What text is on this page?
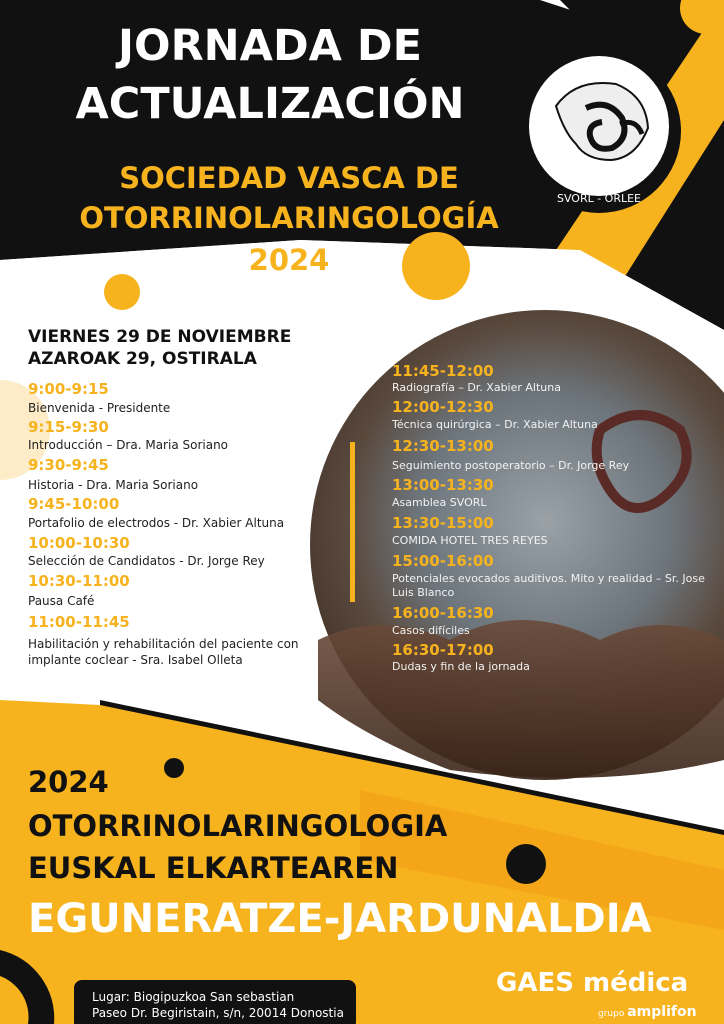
SVORL - ORLEE
JORNADA DE
ACTUALIZACIÓN
SOCIEDAD VASCA DE
OTORRINOLARINGOLOGÍA
2024
VIERNES 29 DE NOVIEMBRE
AZAROAK 29, OSTIRALA
9:00-9:15
Bienvenida - Presidente
9:15-9:30
Introducción – Dra. Maria Soriano
9:30-9:45
Historia - Dra. Maria Soriano
9:45-10:00
Portafolio de electrodos - Dr. Xabier Altuna
10:00-10:30
Selección de Candidatos - Dr. Jorge Rey
10:30-11:00
Pausa Café
11:00-11:45
Habilitación y rehabilitación del paciente con implante coclear - Sra. Isabel Olleta
11:45-12:00
Radiografía – Dr. Xabier Altuna
12:00-12:30
Técnica quirúrgica – Dr. Xabier Altuna
12:30-13:00
Seguimiento postoperatorio – Dr. Jorge Rey
13:00-13:30
Asamblea SVORL
13:30-15:00
COMIDA HOTEL TRES REYES
15:00-16:00
Potenciales evocados auditivos. Mito y realidad – Sr. Jose Luis Blanco
16:00-16:30
Casos difíciles
16:30-17:00
Dudas y fin de la jornada
2024
OTORRINOLARINGOLOGIA
EUSKAL ELKARTEAREN
EGUNERATZE-JARDUNALDIA
Lugar: Biogipuzkoa San sebastian
Paseo Dr. Begiristain, s/n, 20014 Donostia
GAES médica
grupo amplifon
